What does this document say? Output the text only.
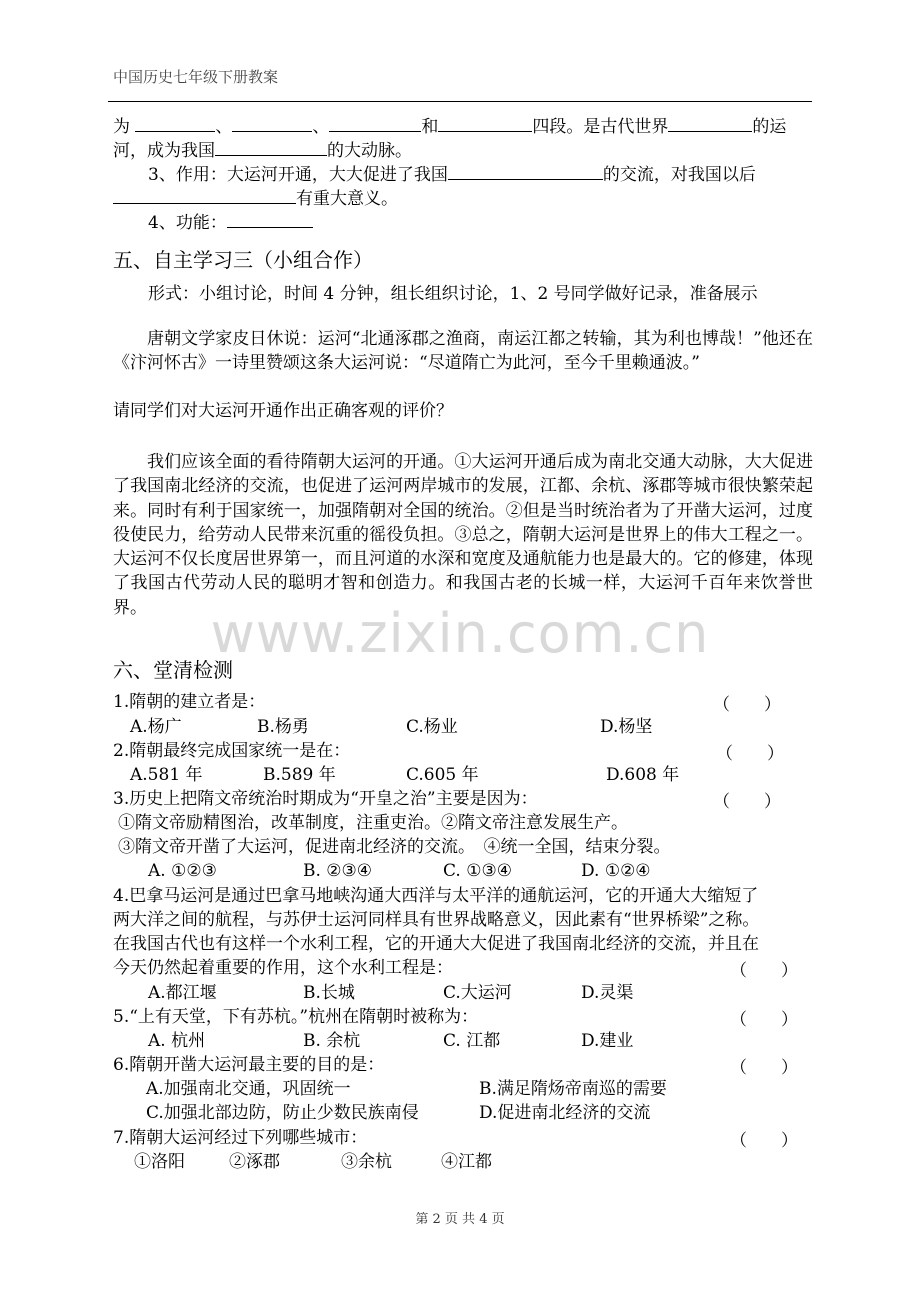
中国历史七年级下册教案
为	、	、	和	四段。是古代世界	的运
河，成为我国	的大动脉。
3、作用：大运河开通，大大促进了我国	的交流，对我国以后
有重大意义。
4、功能：
五、自主学习三（小组合作）
形式：小组讨论，时间 4 分钟，组长组织讨论，1、2 号同学做好记录，准备展示
唐朝文学家皮日休说：运河“北通涿郡之渔商，南运江都之转输，其为利也博哉！”他还在《汴河怀古》一诗里赞颂这条大运河说：“尽道隋亡为此河，至今千里赖通波。”
请同学们对大运河开通作出正确客观的评价？
我们应该全面的看待隋朝大运河的开通。①大运河开通后成为南北交通大动脉，大大促进了我国南北经济的交流，也促进了运河两岸城市的发展，江都、余杭、涿郡等城市很快繁荣起来。同时有利于国家统一，加强隋朝对全国的统治。②但是当时统治者为了开凿大运河，过度役使民力，给劳动人民带来沉重的徭役负担。③总之，隋朝大运河是世界上的伟大工程之一。大运河不仅长度居世界第一，而且河道的水深和宽度及通航能力也是最大的。它的修建，体现了我国古代劳动人民的聪明才智和创造力。和我国古老的长城一样，大运河千百年来饮誉世界。	www.zixin.com.cn
六、堂清检测
1.隋朝的建立者是：	（　　）
A.杨广	B.杨勇	C.杨业	D.杨坚
2.隋朝最终完成国家统一是在：	（　　）
A.581 年	B.589 年	C.605 年	D.608 年
3.历史上把隋文帝统治时期成为“开皇之治”主要是因为：	（　　）
①隋文帝励精图治，改革制度，注重吏治。②隋文帝注意发展生产。
③隋文帝开凿了大运河，促进南北经济的交流。　④统一全国，结束分裂。
A. ①②③	B. ②③④	C. ①③④	D. ①②④
4.巴拿马运河是通过巴拿马地峡沟通大西洋与太平洋的通航运河，它的开通大大缩短了
两大洋之间的航程，与苏伊士运河同样具有世界战略意义，因此素有“世界桥梁”之称。
在我国古代也有这样一个水利工程，它的开通大大促进了我国南北经济的交流，并且在
今天仍然起着重要的作用，这个水利工程是：	（　　）
A.都江堰	B.长城	C.大运河	D.灵渠
5.“上有天堂，下有苏杭。”杭州在隋朝时被称为：	（　　）
A. 杭州	B. 余杭	C. 江都	D.建业
6.隋朝开凿大运河最主要的目的是：	（　　）
A.加强南北交通，巩固统一	B.满足隋炀帝南巡的需要
C.加强北部边防，防止少数民族南侵	D.促进南北经济的交流
7.隋朝大运河经过下列哪些城市：	（　　）
①洛阳	②涿郡	③余杭	④江都
第 2 页 共 4 页
